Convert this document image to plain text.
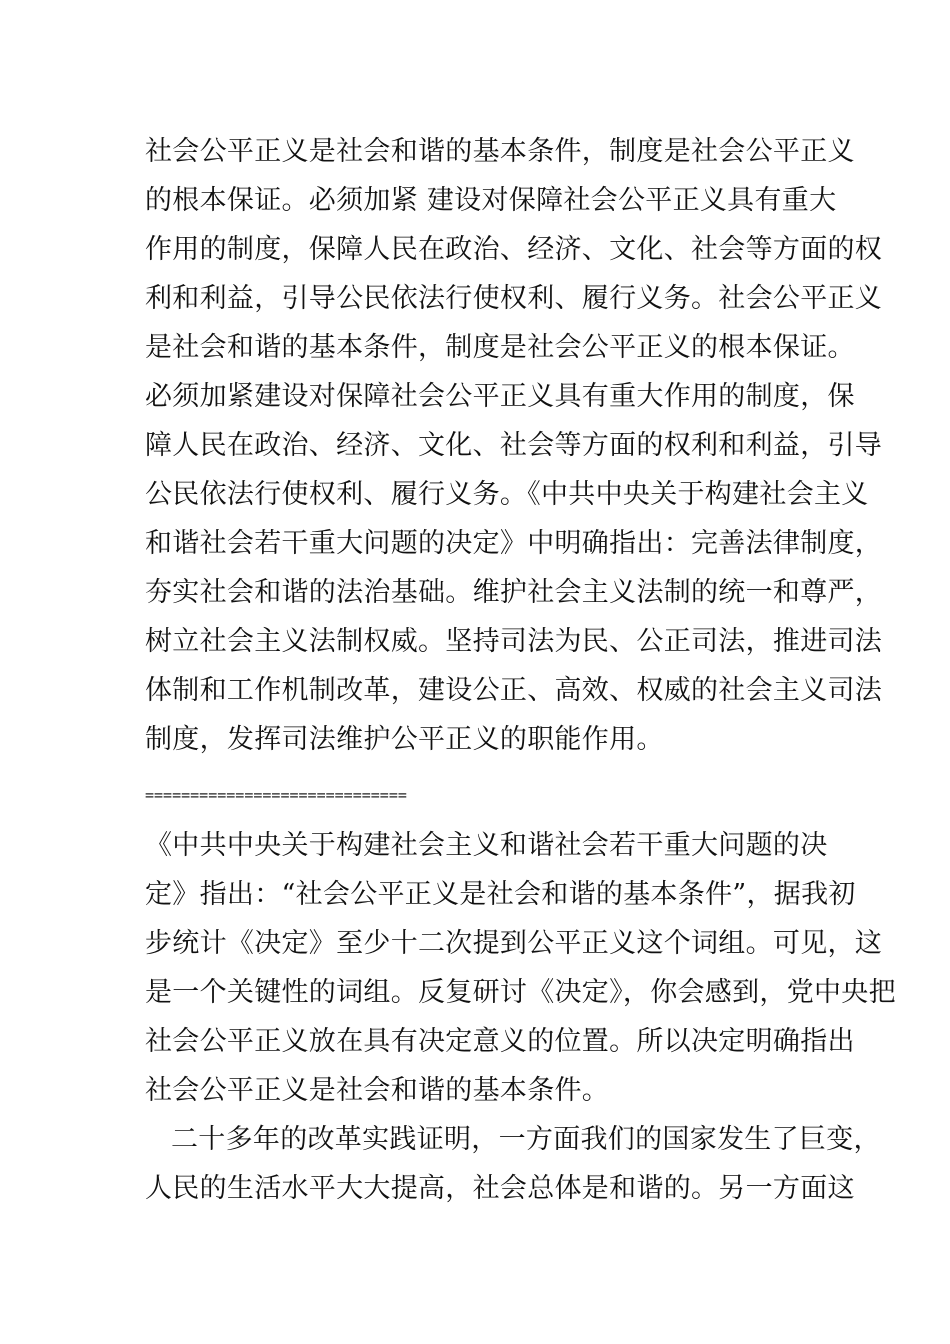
社会公平正义是社会和谐的基本条件，制度是社会公平正义
的根本保证。必须加紧 建设对保障社会公平正义具有重大
作用的制度，保障人民在政治、经济、文化、社会等方面的权
利和利益，引导公民依法行使权利、履行义务。社会公平正义
是社会和谐的基本条件，制度是社会公平正义的根本保证。
必须加紧建设对保障社会公平正义具有重大作用的制度，保
障人民在政治、经济、文化、社会等方面的权利和利益，引导
公民依法行使权利、履行义务。《中共中央关于构建社会主义
和谐社会若干重大问题的决定》中明确指出：完善法律制度，
夯实社会和谐的法治基础。维护社会主义法制的统一和尊严，
树立社会主义法制权威。坚持司法为民、公正司法，推进司法
体制和工作机制改革，建设公正、高效、权威的社会主义司法
制度，发挥司法维护公平正义的职能作用。
=============================
《中共中央关于构建社会主义和谐社会若干重大问题的决
定》指出：“社会公平正义是社会和谐的基本条件”，据我初
步统计《决定》至少十二次提到公平正义这个词组。可见，这
是一个关键性的词组。反复研讨《决定》，你会感到，党中央把
社会公平正义放在具有决定意义的位置。所以决定明确指出
社会公平正义是社会和谐的基本条件。
二十多年的改革实践证明，一方面我们的国家发生了巨变，
人民的生活水平大大提高，社会总体是和谐的。另一方面这
